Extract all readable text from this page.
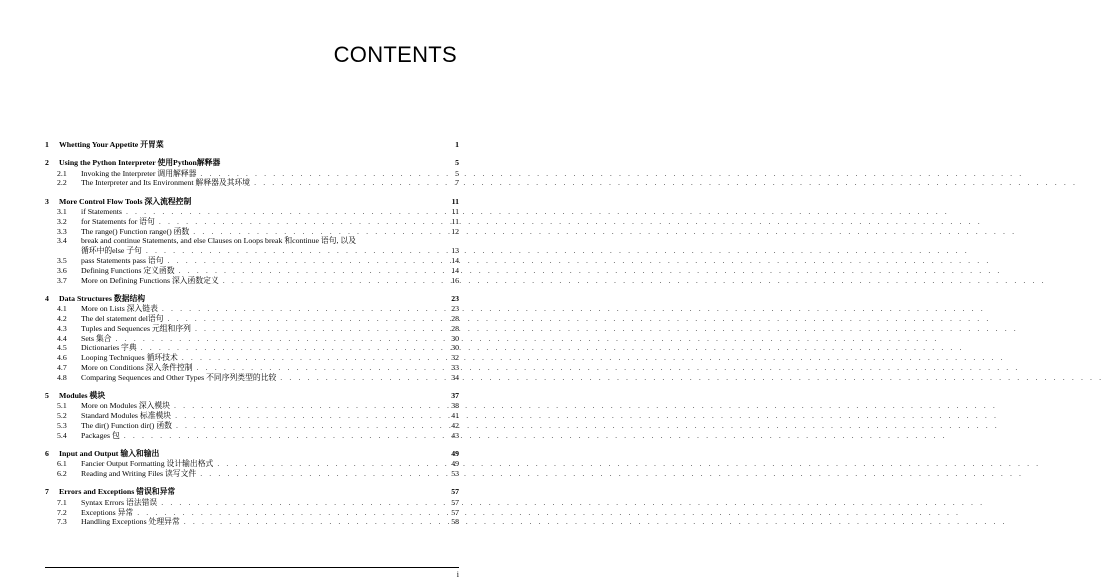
CONTENTS
1	Whetting Your Appetite 开胃菜	1
2	Using the Python Interpreter 使用Python解释器	5
2.1	Invoking the Interpreter 调用解释器 . . .	5
2.2	The Interpreter and Its Environment 解释器及其环境 . . .	7
3	More Control Flow Tools 深入流程控制	11
3.1	if Statements . . .	11
3.2	for Statements for 语句 . . .	11
3.3	The range() Function range() 函数 . . .	12
3.4	break and continue Statements, and else Clauses on Loops break 和continue 语句, 以及
循环中的else 子句 . . .	13
3.5	pass Statements pass 语句 . . .	14
3.6	Defining Functions 定义函数 . . .	14
3.7	More on Defining Functions 深入函数定义 . . .	16
4	Data Structures 数据结构	23
4.1	More on Lists 深入链表 . . .	23
4.2	The del statement del语句 . . .	28
4.3	Tuples and Sequences 元组和序列 . . .	28
4.4	Sets 集合 . . .	30
4.5	Dictionaries 字典 . . .	30
4.6	Looping Techniques 循环技术 . . .	32
4.7	More on Conditions 深入条件控制 . . .	33
4.8	Comparing Sequences and Other Types 不同序列类型的比较 . . .	34
5	Modules 模块	37
5.1	More on Modules 深入模块 . . .	38
5.2	Standard Modules 标准模块 . . .	41
5.3	The dir() Function dir() 函数 . . .	42
5.4	Packages 包 . . .	43
6	Input and Output 输入和输出	49
6.1	Fancier Output Formatting 设计输出格式 . . .	49
6.2	Reading and Writing Files 读写文件 . . .	53
7	Errors and Exceptions 错误和异常	57
7.1	Syntax Errors 语法错误 . . .	57
7.2	Exceptions 异常 . . .	57
7.3	Handling Exceptions 处理异常 . . .	58
i
